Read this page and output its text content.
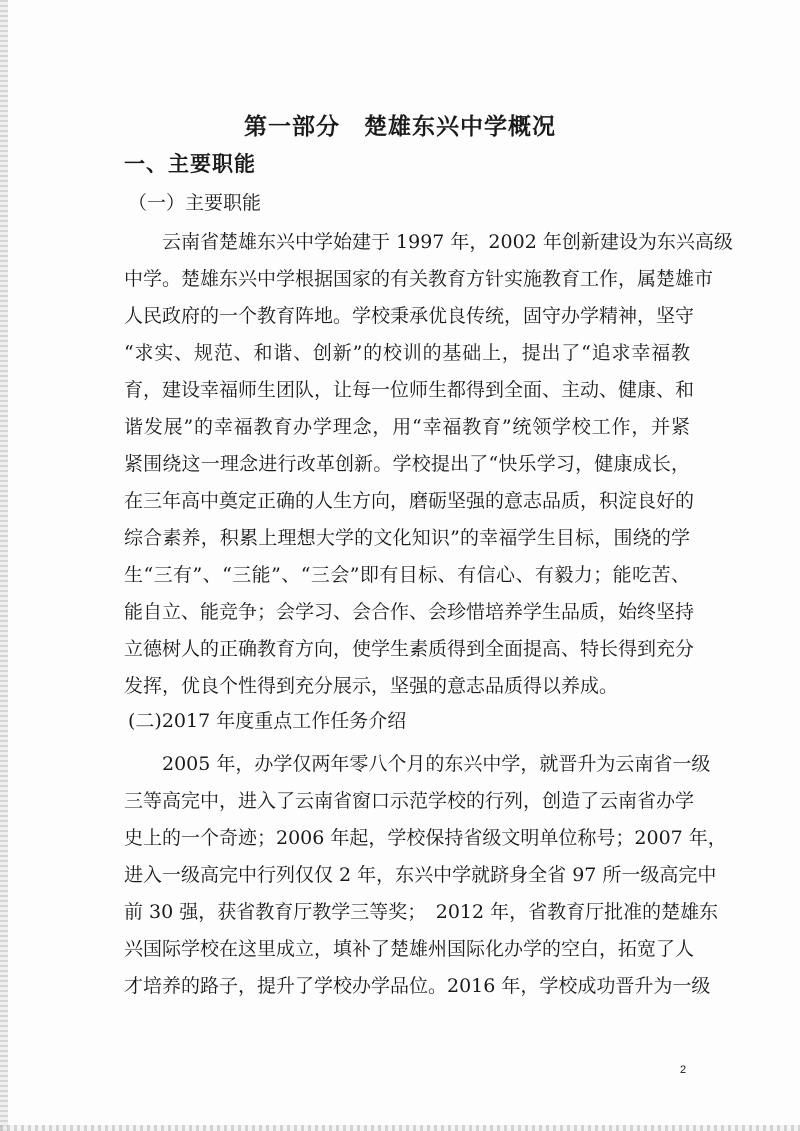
第一部分　楚雄东兴中学概况
一、主要职能
（一）主要职能
　　云南省楚雄东兴中学始建于 1997 年，2002 年创新建设为东兴高级
中学。楚雄东兴中学根据国家的有关教育方针实施教育工作，属楚雄市
人民政府的一个教育阵地。学校秉承优良传统，固守办学精神，坚守
“求实、规范、和谐、创新”的校训的基础上，提出了“追求幸福教
育，建设幸福师生团队，让每一位师生都得到全面、主动、健康、和
谐发展”的幸福教育办学理念，用“幸福教育”统领学校工作，并紧
紧围绕这一理念进行改革创新。学校提出了“快乐学习，健康成长，
在三年高中奠定正确的人生方向，磨砺坚强的意志品质，积淀良好的
综合素养，积累上理想大学的文化知识”的幸福学生目标，围绕的学
生“三有”、“三能”、“三会”即有目标、有信心、有毅力；能吃苦、
能自立、能竞争；会学习、会合作、会珍惜培养学生品质，始终坚持
立德树人的正确教育方向，使学生素质得到全面提高、特长得到充分
发挥，优良个性得到充分展示，坚强的意志品质得以养成。
(二)2017 年度重点工作任务介绍
　　2005 年，办学仅两年零八个月的东兴中学，就晋升为云南省一级
三等高完中，进入了云南省窗口示范学校的行列，创造了云南省办学
史上的一个奇迹；2006 年起，学校保持省级文明单位称号；2007 年，
进入一级高完中行列仅仅 2 年，东兴中学就跻身全省 97 所一级高完中
前 30 强，获省教育厅教学三等奖；　2012 年，省教育厅批准的楚雄东
兴国际学校在这里成立，填补了楚雄州国际化办学的空白，拓宽了人
才培养的路子，提升了学校办学品位。2016 年，学校成功晋升为一级
2
